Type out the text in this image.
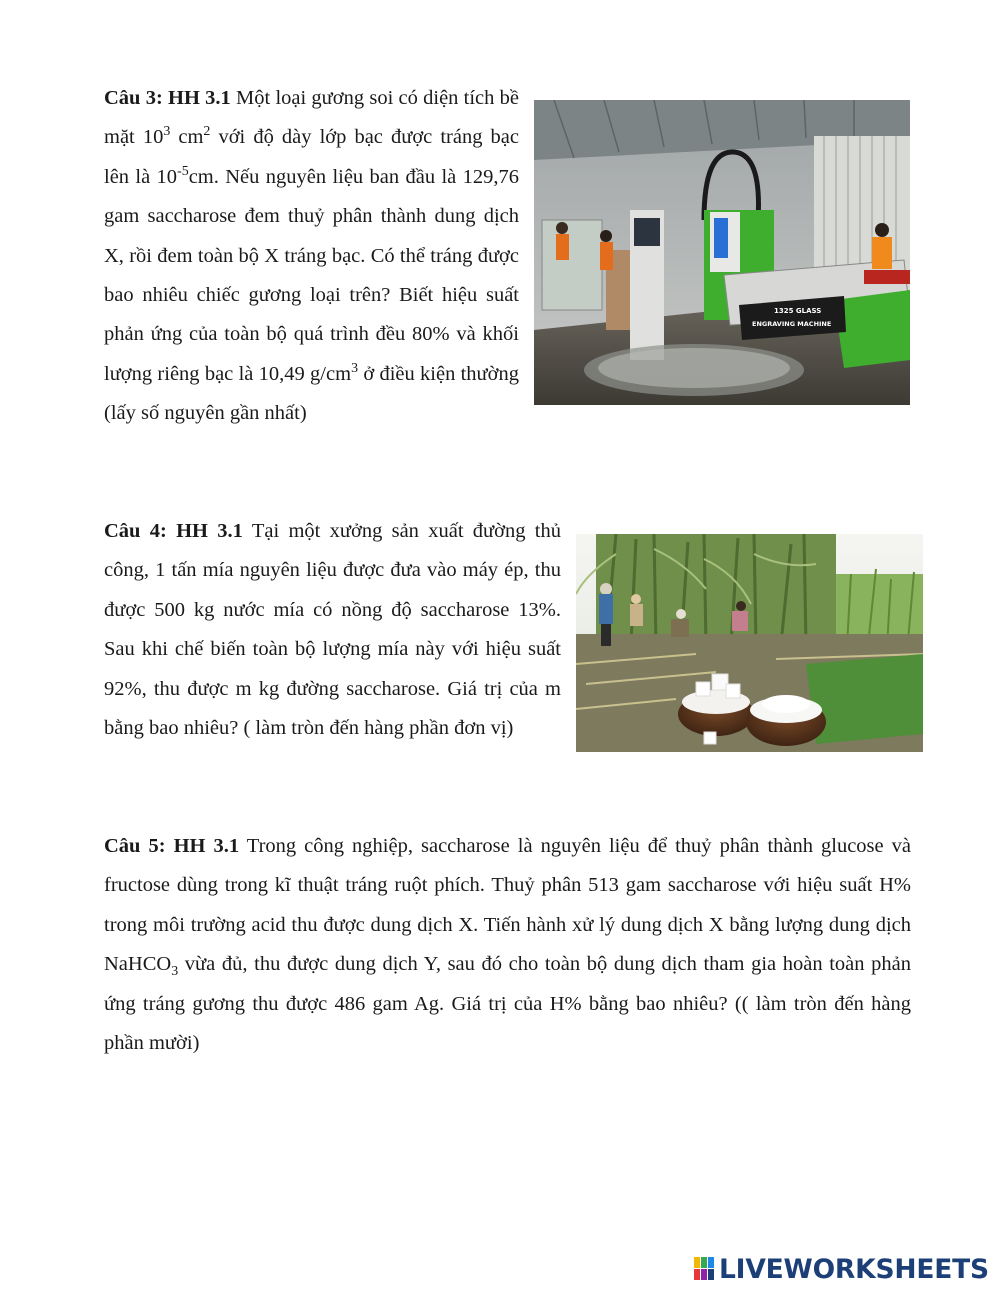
Câu 3: HH 3.1 Một loại gương soi có diện tích bề mặt $10^3$ $cm^2$ với độ dày lớp bạc được tráng bạc lên là $10^{-5}cm$. Nếu nguyên liệu ban đầu là 129,76 gam saccharose đem thuỷ phân thành dung dịch X, rồi đem toàn bộ X tráng bạc. Có thể tráng được bao nhiêu chiếc gương loại trên? Biết hiệu suất phản ứng của toàn bộ quá trình đều 80% và khối lượng riêng bạc là 10,49 $g/cm^3$ ở điều kiện thường (lấy số nguyên gần nhất)

1325 GLASS
ENGRAVING MACHINE

Câu 4: HH 3.1 Tại một xưởng sản xuất đường thủ công, 1 tấn mía nguyên liệu được đưa vào máy ép, thu được 500 kg nước mía có nồng độ saccharose 13%. Sau khi chế biến toàn bộ lượng mía này với hiệu suất 92%, thu được m kg đường saccharose. Giá trị của m bằng bao nhiêu? ( làm tròn đến hàng phần đơn vị)

Câu 5: HH 3.1 Trong công nghiệp, saccharose là nguyên liệu để thuỷ phân thành glucose và fructose dùng trong kĩ thuật tráng ruột phích. Thuỷ phân 513 gam saccharose với hiệu suất H% trong môi trường acid thu được dung dịch X. Tiến hành xử lý dung dịch X bằng lượng dung dịch NaHCO$_3$ vừa đủ, thu được dung dịch Y, sau đó cho toàn bộ dung dịch tham gia hoàn toàn phản ứng tráng gương thu được 486 gam Ag. Giá trị của H% bằng bao nhiêu? (( làm tròn đến hàng phần mười)

LIVEWORKSHEETS
